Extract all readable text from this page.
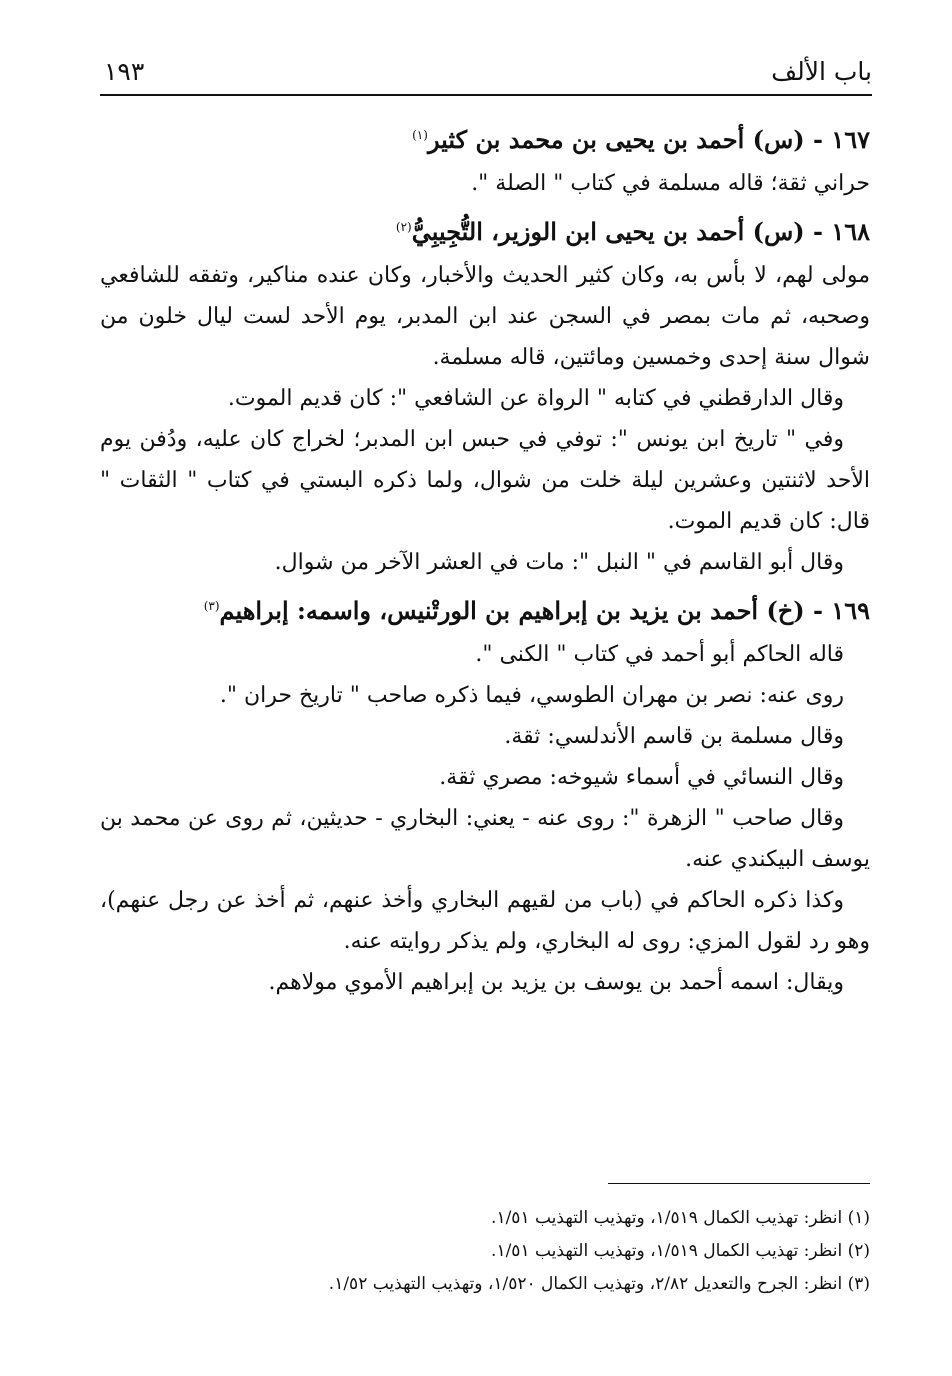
باب الألف
١٩٣

١٦٧ - (س) أحمد بن يحيى بن محمد بن كثير$^{(١)}$

حراني ثقة؛ قاله مسلمة في كتاب " الصلة ".

١٦٨ - (س) أحمد بن يحيى ابن الوزير، التُّجِيبِيُّ$^{(٢)}$

مولى لهم، لا بأس به، وكان كثير الحديث والأخبار، وكان عنده مناكير، وتفقه للشافعي وصحبه، ثم مات بمصر في السجن عند ابن المدبر، يوم الأحد لست ليال خلون من شوال سنة إحدى وخمسين ومائتين، قاله مسلمة.

وقال الدارقطني في كتابه " الرواة عن الشافعي ": كان قديم الموت.

وفي " تاريخ ابن يونس ": توفي في حبس ابن المدبر؛ لخراج كان عليه، ودُفن يوم الأحد لاثنتين وعشرين ليلة خلت من شوال، ولما ذكره البستي في كتاب " الثقات " قال: كان قديم الموت.

وقال أبو القاسم في " النبل ": مات في العشر الآخر من شوال.

١٦٩ - (خ) أحمد بن يزيد بن إبراهيم بن الورتْنيس، واسمه: إبراهيم$^{(٣)}$

قاله الحاكم أبو أحمد في كتاب " الكنى ".

روى عنه: نصر بن مهران الطوسي، فيما ذكره صاحب " تاريخ حران ".

وقال مسلمة بن قاسم الأندلسي: ثقة.

وقال النسائي في أسماء شيوخه: مصري ثقة.

وقال صاحب " الزهرة ": روى عنه - يعني: البخاري - حديثين، ثم روى عن محمد بن يوسف البيكندي عنه.

وكذا ذكره الحاكم في (باب من لقيهم البخاري وأخذ عنهم، ثم أخذ عن رجل عنهم)، وهو رد لقول المزي: روى له البخاري، ولم يذكر روايته عنه.

ويقال: اسمه أحمد بن يوسف بن يزيد بن إبراهيم الأموي مولاهم.

(١) انظر: تهذيب الكمال ١/٥١٩، وتهذيب التهذيب ١/٥١.

(٢) انظر: تهذيب الكمال ١/٥١٩، وتهذيب التهذيب ١/٥١.

(٣) انظر: الجرح والتعديل ٢/٨٢، وتهذيب الكمال ١/٥٢٠، وتهذيب التهذيب ١/٥٢.
